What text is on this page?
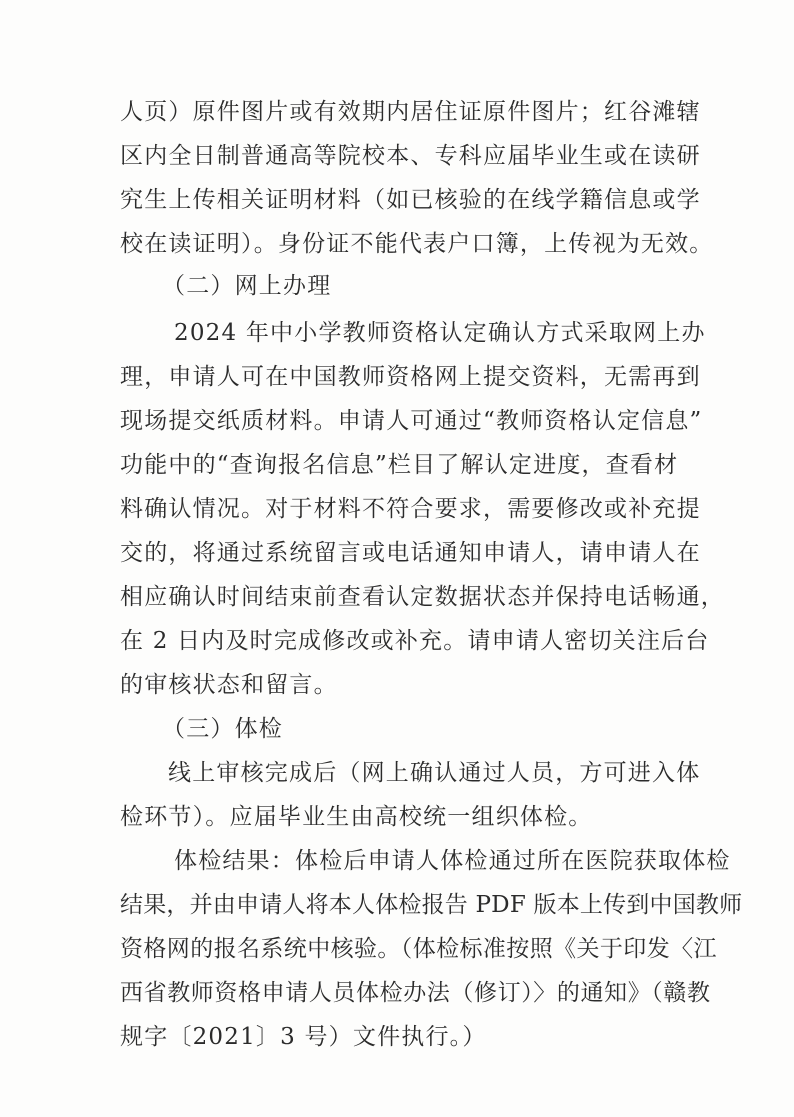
人页）原件图片或有效期内居住证原件图片；红谷滩辖
区内全日制普通高等院校本、专科应届毕业生或在读研
究生上传相关证明材料（如已核验的在线学籍信息或学
校在读证明）。身份证不能代表户口簿，上传视为无效。
（二）网上办理
2024 年中小学教师资格认定确认方式采取网上办
理，申请人可在中国教师资格网上提交资料，无需再到
现场提交纸质材料。申请人可通过“教师资格认定信息”
功能中的“查询报名信息”栏目了解认定进度，查看材
料确认情况。对于材料不符合要求，需要修改或补充提
交的，将通过系统留言或电话通知申请人，请申请人在
相应确认时间结束前查看认定数据状态并保持电话畅通，
在 2 日内及时完成修改或补充。请申请人密切关注后台
的审核状态和留言。
（三）体检
线上审核完成后（网上确认通过人员，方可进入体
检环节）。应届毕业生由高校统一组织体检。
体检结果：体检后申请人体检通过所在医院获取体检
结果，并由申请人将本人体检报告 PDF 版本上传到中国教师
资格网的报名系统中核验。（体检标准按照《关于印发〈江
西省教师资格申请人员体检办法（修订）〉的通知》（赣教
规字〔2021〕3 号）文件执行。）
